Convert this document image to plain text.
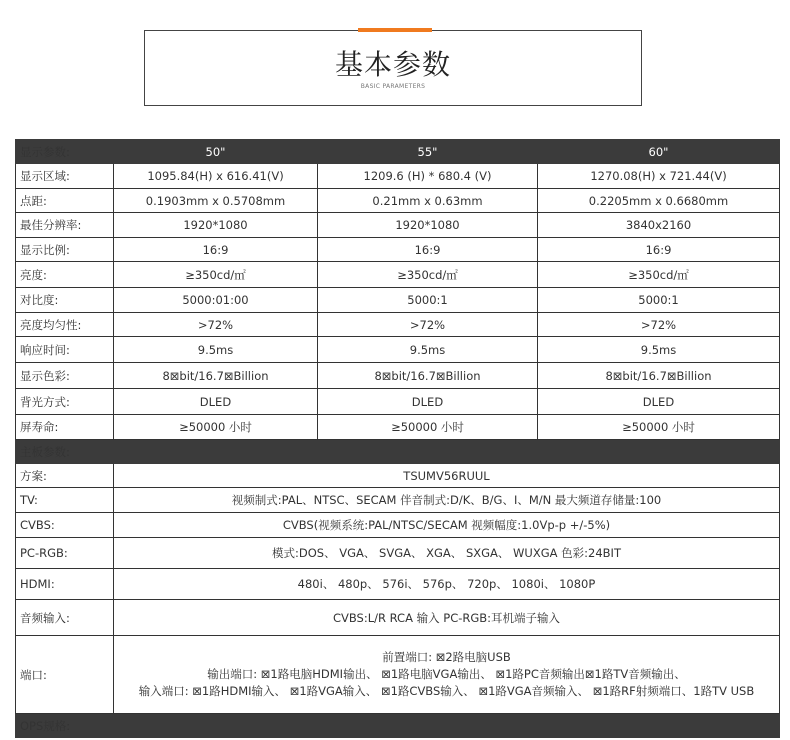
基本参数
BASIC PARAMETERS
显示参数:	50"	55"	60"
显示区域:	1095.84(H) x 616.41(V)	1209.6 (H) * 680.4 (V)	1270.08(H) x 721.44(V)
点距:	0.1903mm x 0.5708mm	0.21mm x 0.63mm	0.2205mm x 0.6680mm
最佳分辨率:	1920*1080	1920*1080	3840x2160
显示比例:	16:9	16:9	16:9
亮度:	≥350cd/㎡	≥350cd/㎡	≥350cd/㎡
对比度:	5000:01:00	5000:1	5000:1
亮度均匀性:	>72%	>72%	>72%
响应时间:	9.5ms	9.5ms	9.5ms
显示色彩:	8⊠bit/16.7⊠Billion	8⊠bit/16.7⊠Billion	8⊠bit/16.7⊠Billion
背光方式:	DLED	DLED	DLED
屏寿命:	≥50000 小时	≥50000 小时	≥50000 小时
主板参数:			
方案:	TSUMV56RUUL		
TV:	视频制式:PAL、NTSC、SECAM 伴音制式:D/K、B/G、I、M/N 最大频道存储量:100		
CVBS:	CVBS(视频系统:PAL/NTSC/SECAM 视频幅度:1.0Vp-p +/-5%)		
PC-RGB:	模式:DOS、 VGA、 SVGA、 XGA、 SXGA、 WUXGA 色彩:24BIT		
HDMI:	480i、 480p、 576i、 576p、 720p、 1080i、 1080P		
音频输入:	CVBS:L/R RCA 输入 PC-RGB:耳机端子输入		
端口:	前置端口: ⊠2路电脑USB
输出端口: ⊠1路电脑HDMI输出、 ⊠1路电脑VGA输出、 ⊠1路PC音频输出⊠1路TV音频输出、
输入端口: ⊠1路HDMI输入、 ⊠1路VGA输入、 ⊠1路CVBS输入、 ⊠1路VGA音频输入、 ⊠1路RF射频端口、1路TV USB		

OPS规格:			
